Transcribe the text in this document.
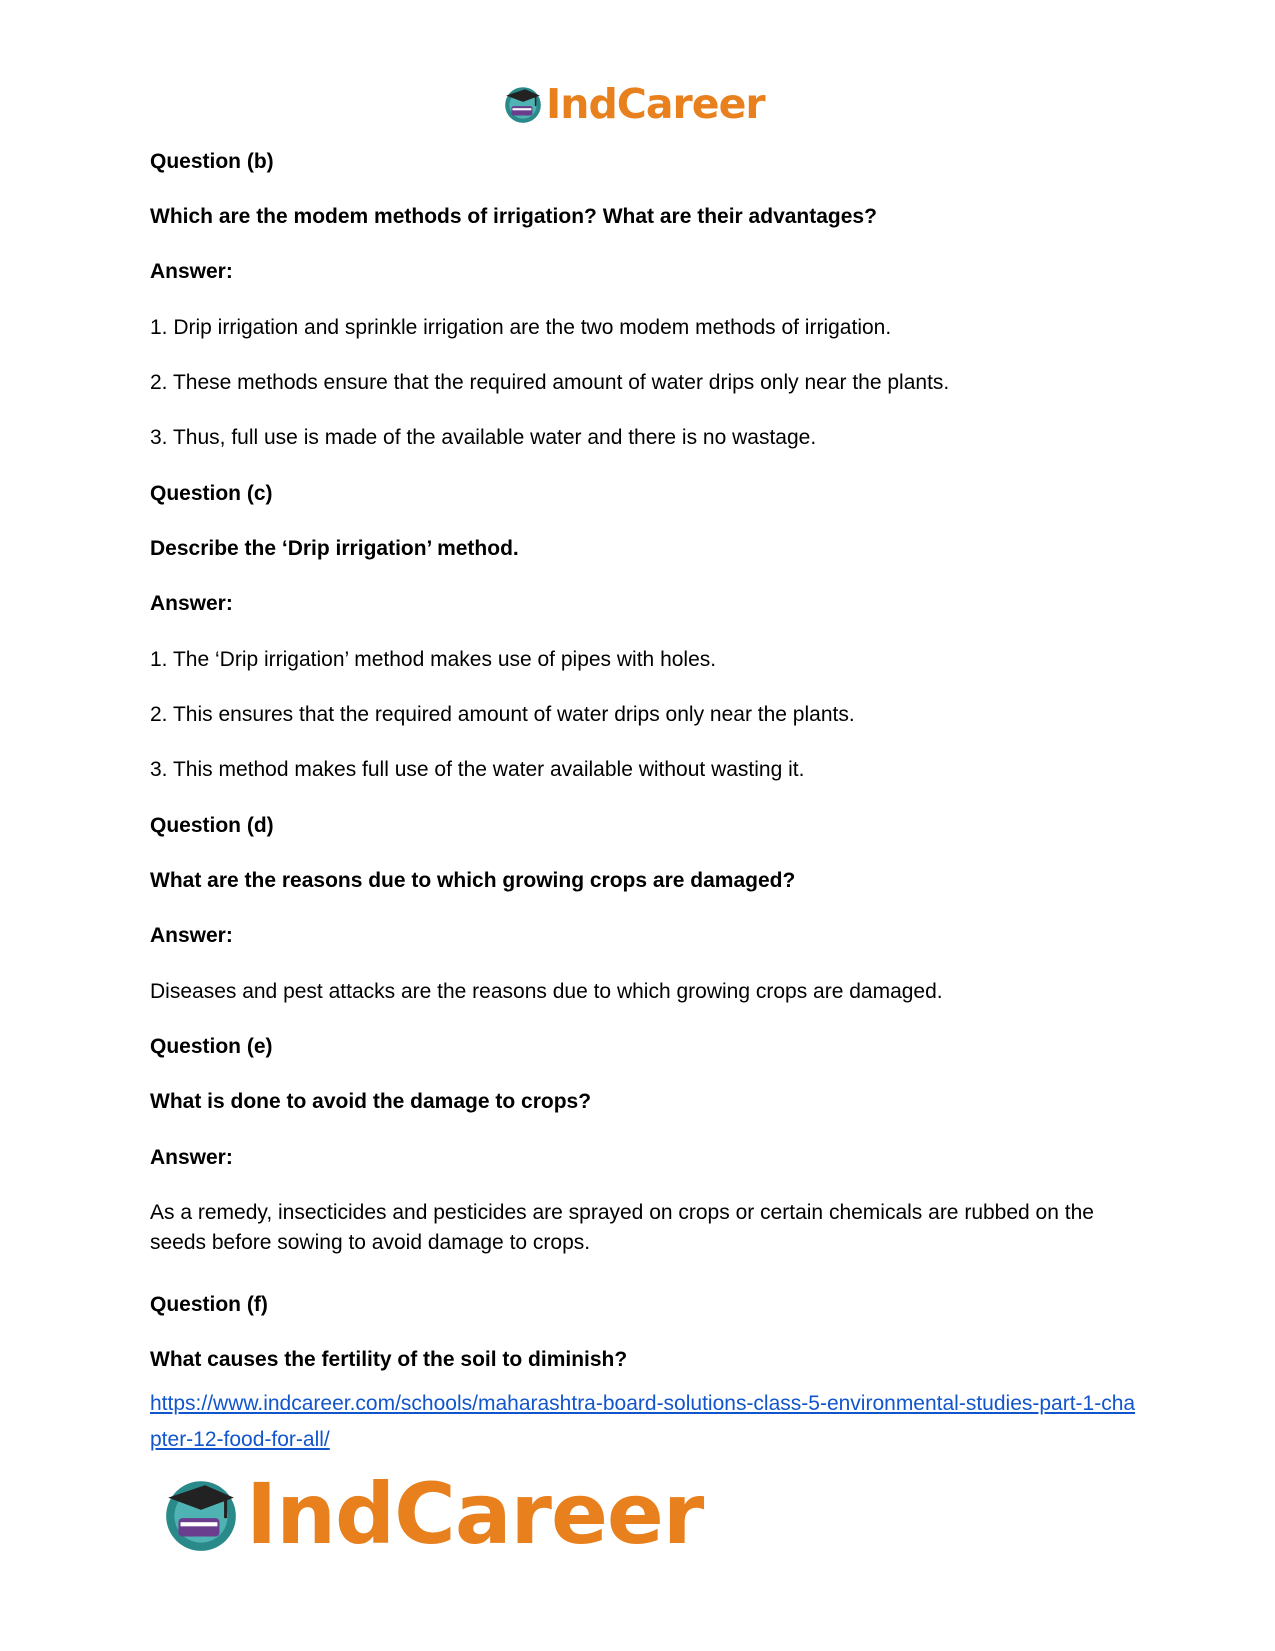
IndCareer
Question (b)
Which are the modem methods of irrigation? What are their advantages?
Answer:
1. Drip irrigation and sprinkle irrigation are the two modem methods of irrigation.
2. These methods ensure that the required amount of water drips only near the plants.
3. Thus, full use is made of the available water and there is no wastage.
Question (c)
Describe the ‘Drip irrigation’ method.
Answer:
1. The ‘Drip irrigation’ method makes use of pipes with holes.
2. This ensures that the required amount of water drips only near the plants.
3. This method makes full use of the water available without wasting it.
Question (d)
What are the reasons due to which growing crops are damaged?
Answer:
Diseases and pest attacks are the reasons due to which growing crops are damaged.
Question (e)
What is done to avoid the damage to crops?
Answer:
As a remedy, insecticides and pesticides are sprayed on crops or certain chemicals are rubbed on the seeds before sowing to avoid damage to crops.
Question (f)
What causes the fertility of the soil to diminish?
https://www.indcareer.com/schools/maharashtra-board-solutions-class-5-environmental-studies-part-1-chapter-12-food-for-all/
IndCareer
